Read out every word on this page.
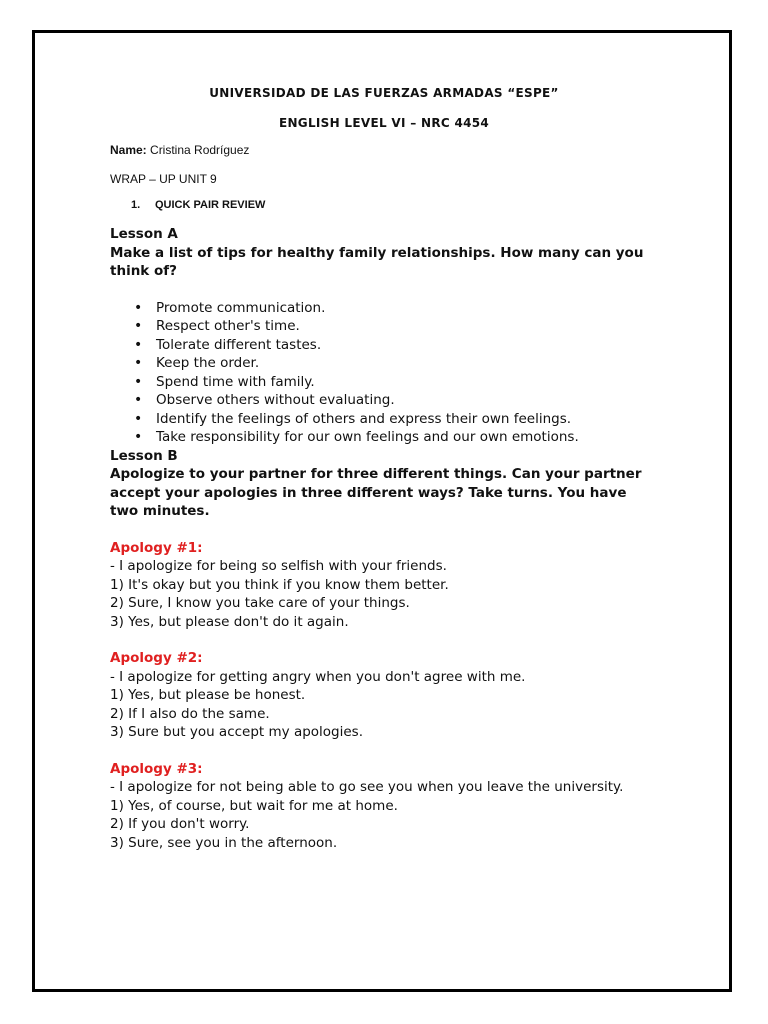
UNIVERSIDAD DE LAS FUERZAS ARMADAS “ESPE”
ENGLISH LEVEL VI – NRC 4454
Name: Cristina Rodríguez
WRAP – UP UNIT 9
1. QUICK PAIR REVIEW
Lesson A
Make a list of tips for healthy family relationships. How many can you think of?
• Promote communication.
• Respect other's time.
• Tolerate different tastes.
• Keep the order.
• Spend time with family.
• Observe others without evaluating.
• Identify the feelings of others and express their own feelings.
• Take responsibility for our own feelings and our own emotions.
Lesson B
Apologize to your partner for three different things. Can your partner accept your apologies in three different ways? Take turns. You have two minutes.
Apology #1:
- I apologize for being so selfish with your friends.
1) It's okay but you think if you know them better.
2) Sure, I know you take care of your things.
3) Yes, but please don't do it again.
Apology #2:
- I apologize for getting angry when you don't agree with me.
1) Yes, but please be honest.
2) If I also do the same.
3) Sure but you accept my apologies.
Apology #3:
- I apologize for not being able to go see you when you leave the university.
1) Yes, of course, but wait for me at home.
2) If you don't worry.
3) Sure, see you in the afternoon.
